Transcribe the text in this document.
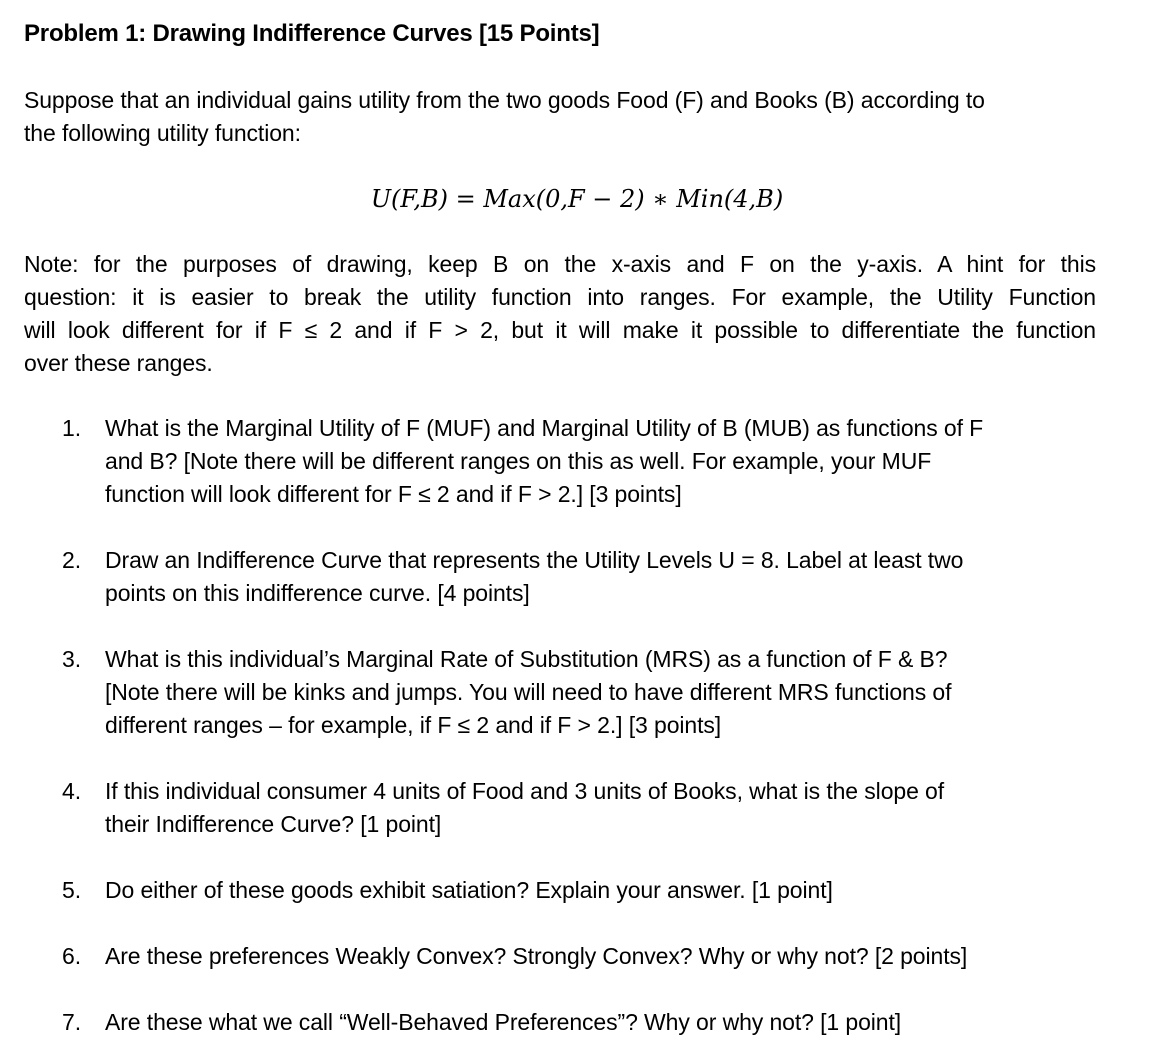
Problem 1: Drawing Indifference Curves [15 Points]
Suppose that an individual gains utility from the two goods Food (F) and Books (B) according to
the following utility function:
U(F,B) = Max(0,F − 2) ∗ Min(4,B)
Note: for the purposes of drawing, keep B on the x-axis and F on the y-axis. A hint for this
question: it is easier to break the utility function into ranges. For example, the Utility Function
will look different for if F ≤ 2 and if F > 2, but it will make it possible to differentiate the function
over these ranges.
1.	What is the Marginal Utility of F (MUF) and Marginal Utility of B (MUB) as functions of F
and B? [Note there will be different ranges on this as well. For example, your MUF
function will look different for F ≤ 2 and if F > 2.] [3 points]
2.	Draw an Indifference Curve that represents the Utility Levels U = 8. Label at least two
points on this indifference curve. [4 points]
3.	What is this individual’s Marginal Rate of Substitution (MRS) as a function of F & B?
[Note there will be kinks and jumps. You will need to have different MRS functions of
different ranges – for example, if F ≤ 2 and if F > 2.] [3 points]
4.	If this individual consumer 4 units of Food and 3 units of Books, what is the slope of
their Indifference Curve? [1 point]
5.	Do either of these goods exhibit satiation? Explain your answer. [1 point]
6.	Are these preferences Weakly Convex? Strongly Convex? Why or why not? [2 points]
7.	Are these what we call “Well-Behaved Preferences”? Why or why not? [1 point]
